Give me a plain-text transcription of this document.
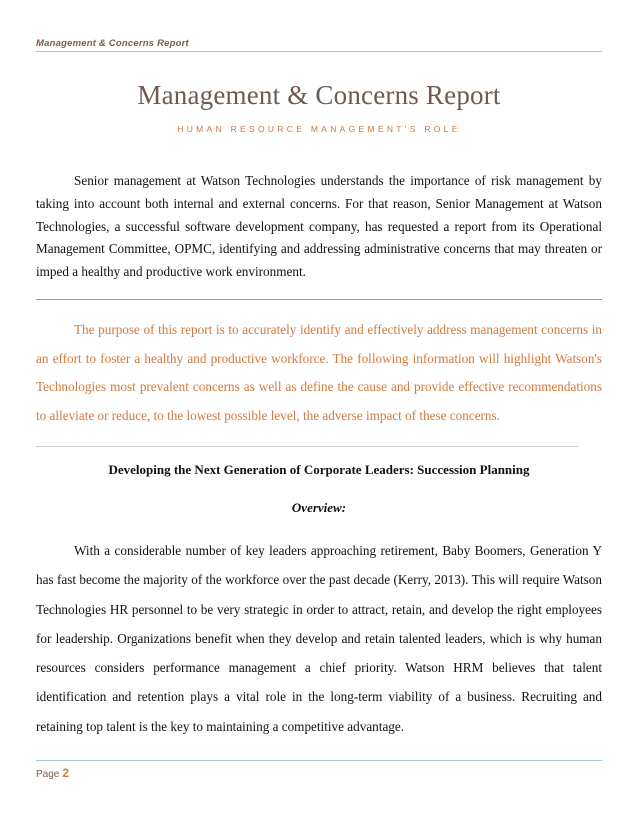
Management & Concerns Report
Management & Concerns Report
HUMAN RESOURCE MANAGEMENT'S ROLE

Senior management at Watson Technologies understands the importance of risk management by taking into account both internal and external concerns. For that reason, Senior Management at Watson Technologies, a successful software development company, has requested a report from its Operational Management Committee, OPMC, identifying and addressing administrative concerns that may threaten or imped a healthy and productive work environment.

The purpose of this report is to accurately identify and effectively address management concerns in an effort to foster a healthy and productive workforce. The following information will highlight Watson's Technologies most prevalent concerns as well as define the cause and provide effective recommendations to alleviate or reduce, to the lowest possible level, the adverse impact of these concerns.

Developing the Next Generation of Corporate Leaders: Succession Planning

Overview:

With a considerable number of key leaders approaching retirement, Baby Boomers, Generation Y has fast become the majority of the workforce over the past decade (Kerry, 2013). This will require Watson Technologies HR personnel to be very strategic in order to attract, retain, and develop the right employees for leadership. Organizations benefit when they develop and retain talented leaders, which is why human resources considers performance management a chief priority. Watson HRM believes that talent identification and retention plays a vital role in the long-term viability of a business. Recruiting and retaining top talent is the key to maintaining a competitive advantage.

Page 2
